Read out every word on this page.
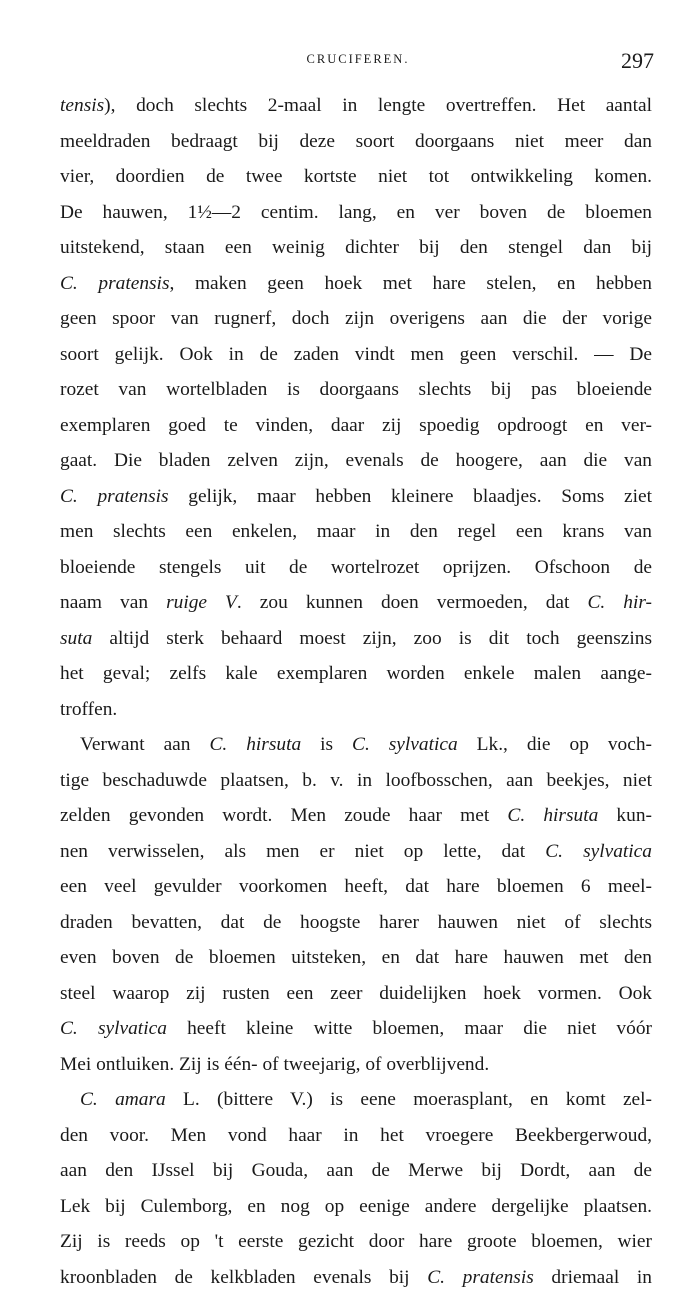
CRUCIFEREN.	297
tensis), doch slechts 2-maal in lengte overtreffen. Het aantal
meeldraden bedraagt bij deze soort doorgaans niet meer dan
vier, doordien de twee kortste niet tot ontwikkeling komen.
De hauwen, 1½—2 centim. lang, en ver boven de bloemen
uitstekend, staan een weinig dichter bij den stengel dan bij
C. pratensis, maken geen hoek met hare stelen, en hebben
geen spoor van rugnerf, doch zijn overigens aan die der vorige
soort gelijk. Ook in de zaden vindt men geen verschil. — De
rozet van wortelbladen is doorgaans slechts bij pas bloeiende
exemplaren goed te vinden, daar zij spoedig opdroogt en ver-
gaat. Die bladen zelven zijn, evenals de hoogere, aan die van
C. pratensis gelijk, maar hebben kleinere blaadjes. Soms ziet
men slechts een enkelen, maar in den regel een krans van
bloeiende stengels uit de wortelrozet oprijzen. Ofschoon de
naam van ruige V. zou kunnen doen vermoeden, dat C. hir-
suta altijd sterk behaard moest zijn, zoo is dit toch geenszins
het geval; zelfs kale exemplaren worden enkele malen aange-
troffen.
Verwant aan C. hirsuta is C. sylvatica Lk., die op voch-
tige beschaduwde plaatsen, b. v. in loofbosschen, aan beekjes, niet
zelden gevonden wordt. Men zoude haar met C. hirsuta kun-
nen verwisselen, als men er niet op lette, dat C. sylvatica
een veel gevulder voorkomen heeft, dat hare bloemen 6 meel-
draden bevatten, dat de hoogste harer hauwen niet of slechts
even boven de bloemen uitsteken, en dat hare hauwen met den
steel waarop zij rusten een zeer duidelijken hoek vormen. Ook
C. sylvatica heeft kleine witte bloemen, maar die niet vóór
Mei ontluiken. Zij is één- of tweejarig, of overblijvend.
C. amara L. (bittere V.) is eene moerasplant, en komt zel-
den voor. Men vond haar in het vroegere Beekbergerwoud,
aan den IJssel bij Gouda, aan de Merwe bij Dordt, aan de
Lek bij Culemborg, en nog op eenige andere dergelijke plaatsen.
Zij is reeds op 't eerste gezicht door hare groote bloemen, wier
kroonbladen de kelkbladen evenals bij C. pratensis driemaal in
